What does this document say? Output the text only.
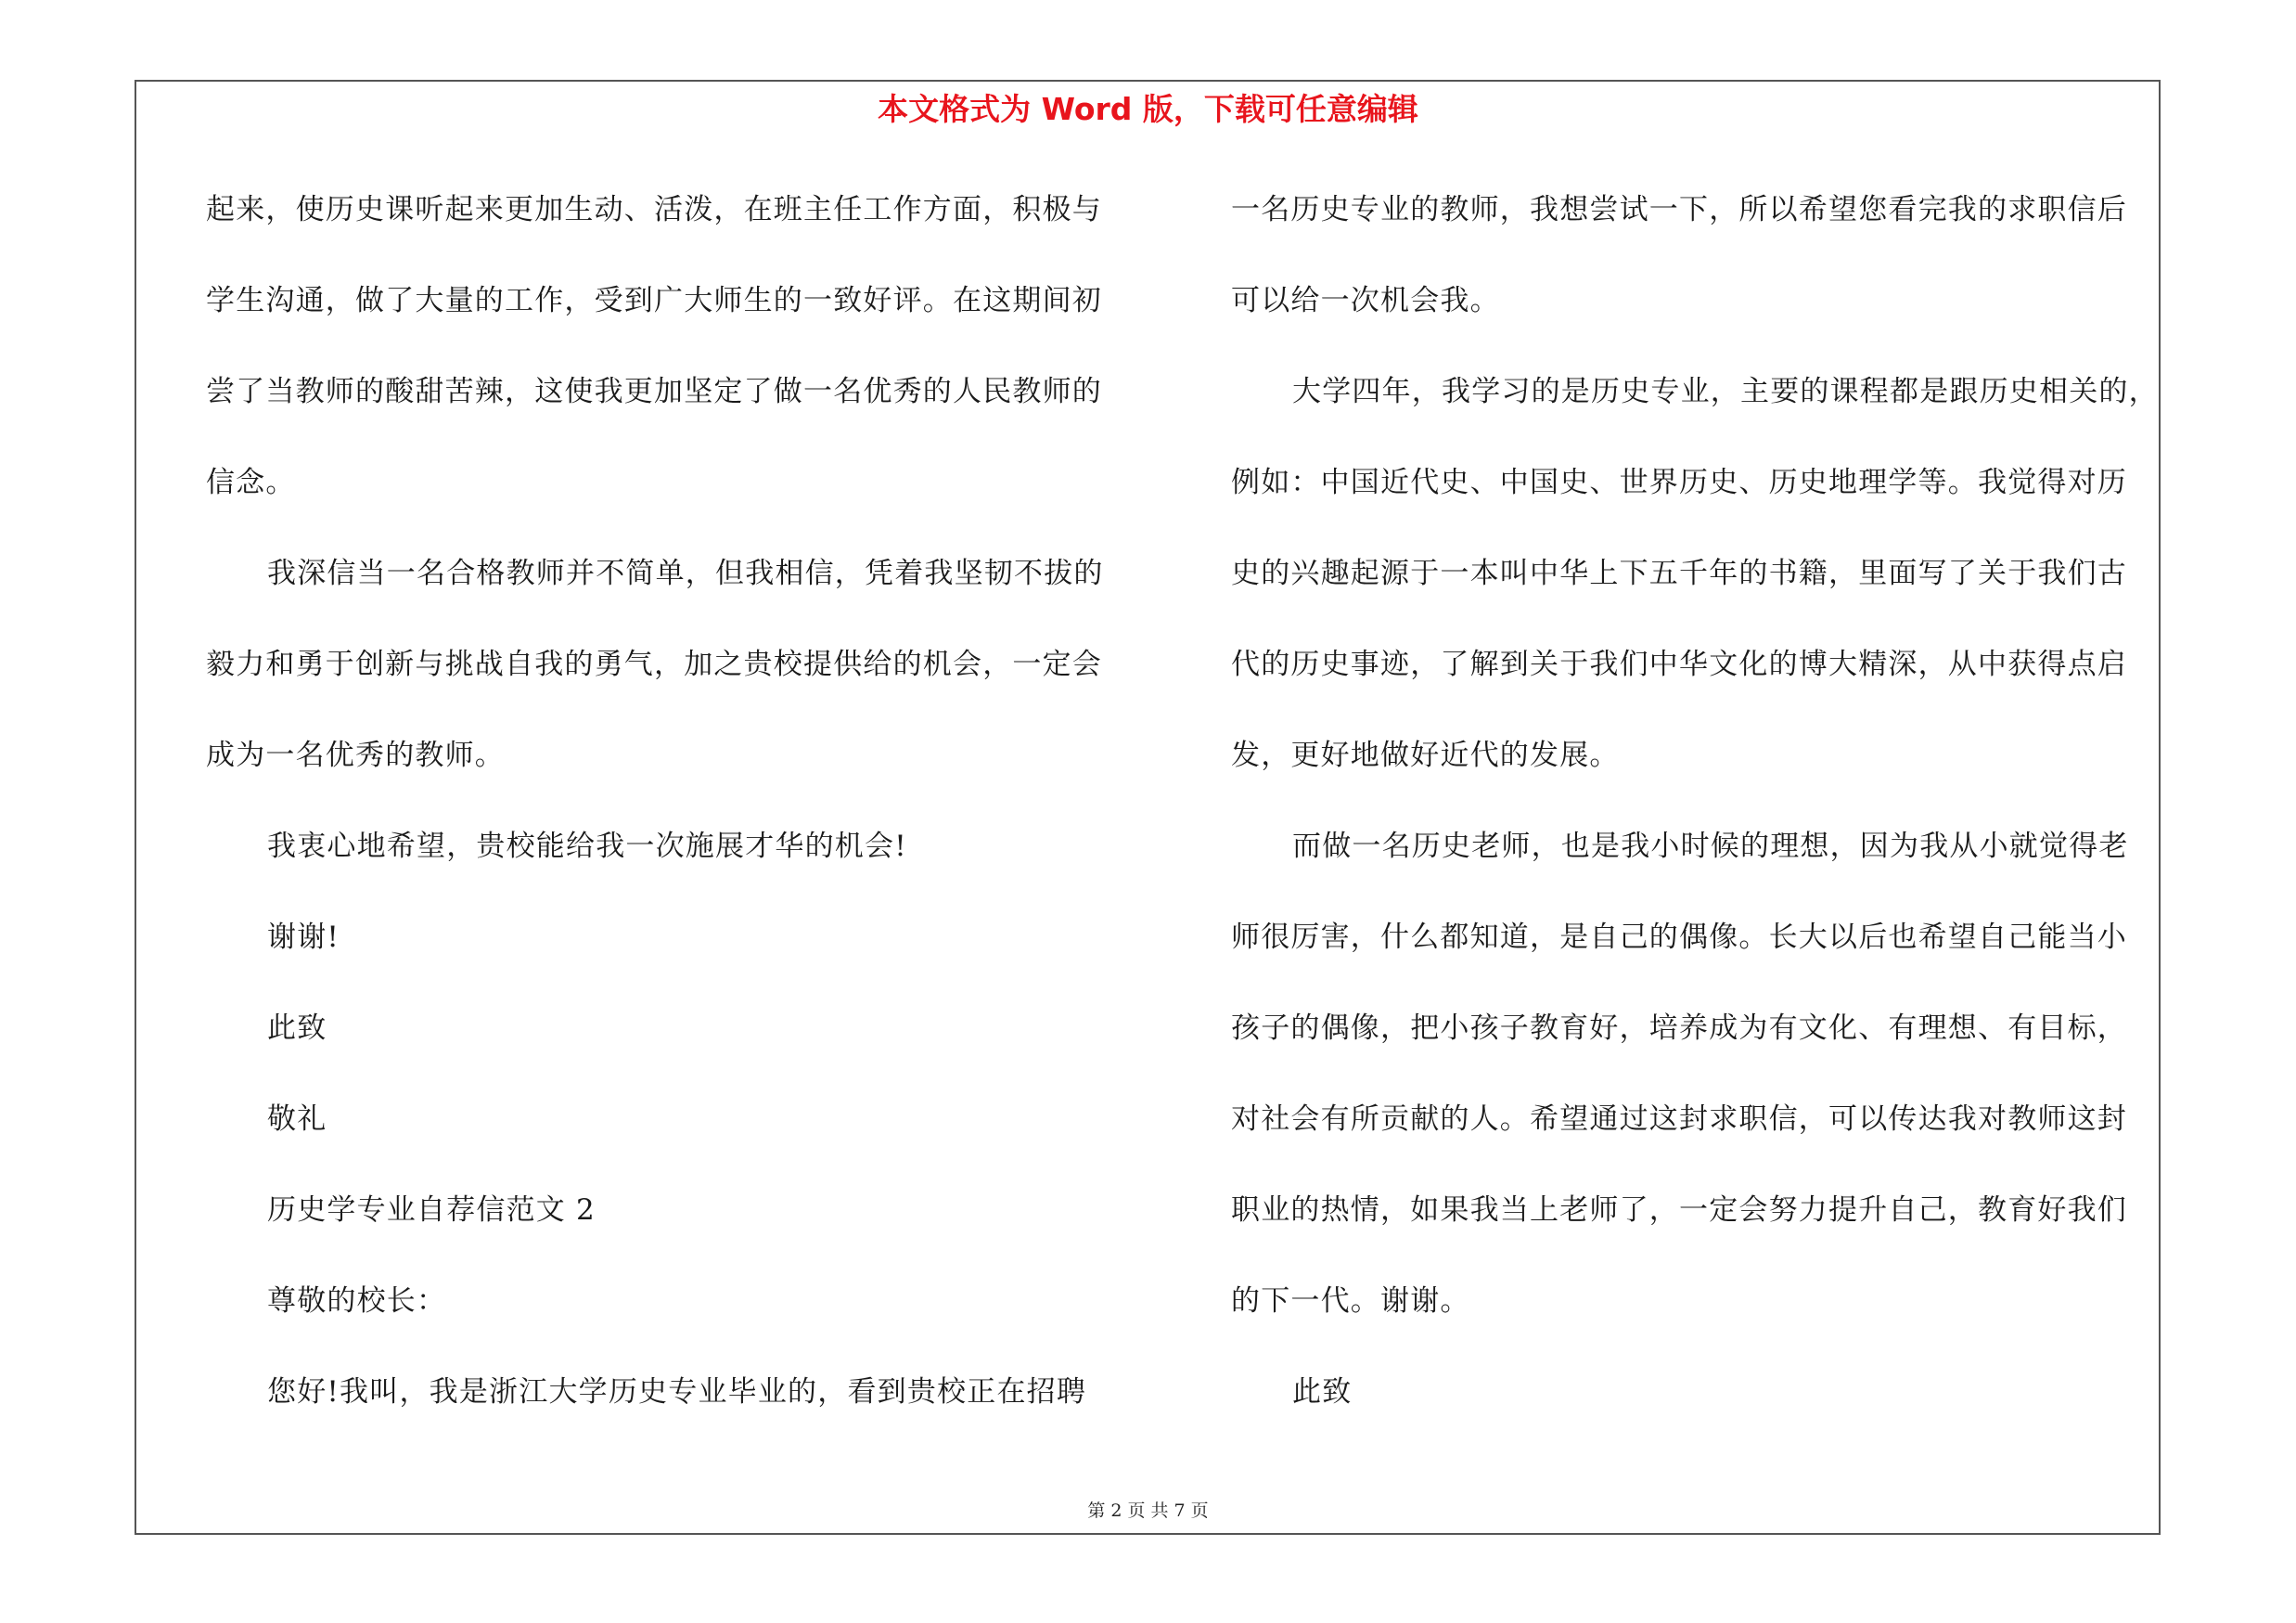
本文格式为 Word 版，下载可任意编辑
起来，使历史课听起来更加生动、活泼，在班主任工作方面，积极与
学生沟通，做了大量的工作，受到广大师生的一致好评。在这期间初
尝了当教师的酸甜苦辣，这使我更加坚定了做一名优秀的人民教师的
信念。
我深信当一名合格教师并不简单，但我相信，凭着我坚韧不拔的
毅力和勇于创新与挑战自我的勇气，加之贵校提供给的机会，一定会
成为一名优秀的教师。
我衷心地希望，贵校能给我一次施展才华的机会!
谢谢!
此致
敬礼
历史学专业自荐信范文 2
尊敬的校长：
您好!我叫，我是浙江大学历史专业毕业的，看到贵校正在招聘
一名历史专业的教师，我想尝试一下，所以希望您看完我的求职信后
可以给一次机会我。
大学四年，我学习的是历史专业，主要的课程都是跟历史相关的，
例如：中国近代史、中国史、世界历史、历史地理学等。我觉得对历
史的兴趣起源于一本叫中华上下五千年的书籍，里面写了关于我们古
代的历史事迹，了解到关于我们中华文化的博大精深，从中获得点启
发，更好地做好近代的发展。
而做一名历史老师，也是我小时候的理想，因为我从小就觉得老
师很厉害，什么都知道，是自己的偶像。长大以后也希望自己能当小
孩子的偶像，把小孩子教育好，培养成为有文化、有理想、有目标，
对社会有所贡献的人。希望通过这封求职信，可以传达我对教师这封
职业的热情，如果我当上老师了，一定会努力提升自己，教育好我们
的下一代。谢谢。
此致
第 2 页 共 7 页
